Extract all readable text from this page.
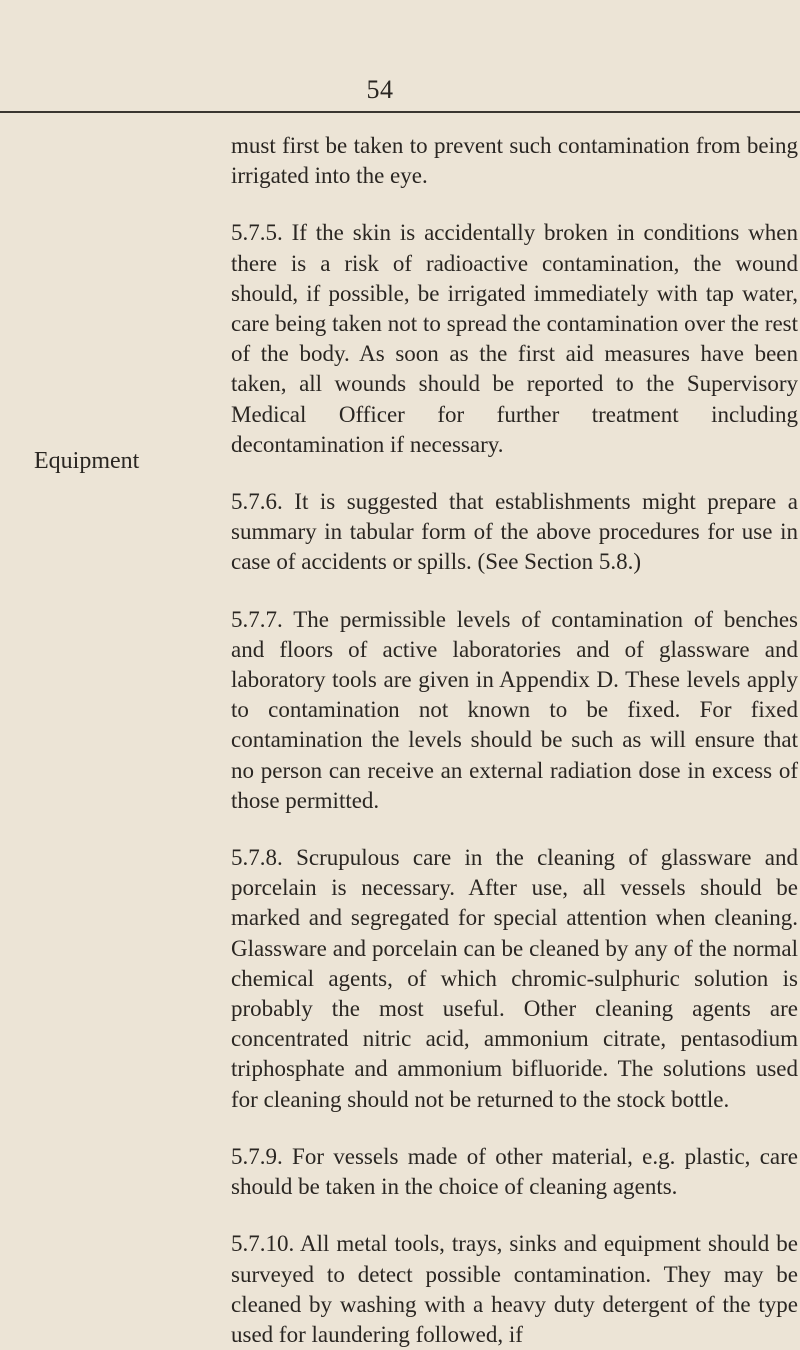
54
Equipment

must first be taken to prevent such contamination from being irrigated into the eye.

5.7.5. If the skin is accidentally broken in conditions when there is a risk of radioactive contamination, the wound should, if possible, be irrigated immediately with tap water, care being taken not to spread the contamination over the rest of the body. As soon as the first aid measures have been taken, all wounds should be reported to the Supervisory Medical Officer for further treatment including decontamination if necessary.

5.7.6. It is suggested that establishments might prepare a summary in tabular form of the above procedures for use in case of accidents or spills. (See Section 5.8.)

5.7.7. The permissible levels of contamination of benches and floors of active laboratories and of glassware and laboratory tools are given in Appendix D. These levels apply to contamination not known to be fixed. For fixed contamination the levels should be such as will ensure that no person can receive an external radiation dose in excess of those permitted.

5.7.8. Scrupulous care in the cleaning of glassware and porcelain is necessary. After use, all vessels should be marked and segregated for special attention when cleaning. Glassware and porcelain can be cleaned by any of the normal chemical agents, of which chromic-sulphuric solution is probably the most useful. Other cleaning agents are concentrated nitric acid, ammonium citrate, pentasodium triphosphate and ammonium bifluoride. The solutions used for cleaning should not be returned to the stock bottle.

5.7.9. For vessels made of other material, e.g. plastic, care should be taken in the choice of cleaning agents.

5.7.10. All metal tools, trays, sinks and equipment should be surveyed to detect possible contamination. They may be cleaned by washing with a heavy duty detergent of the type used for laundering followed, if
